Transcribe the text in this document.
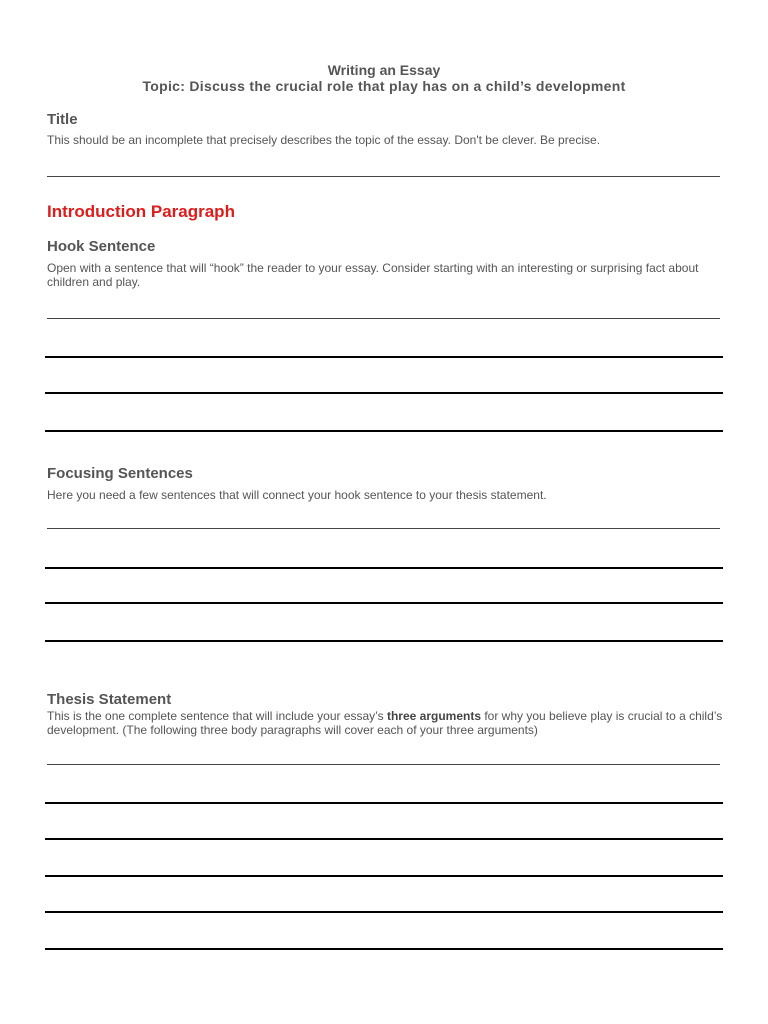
Writing an Essay
Topic: Discuss the crucial role that play has on a child’s development
Title
This should be an incomplete that precisely describes the topic of the essay. Don't be clever. Be precise.
Introduction Paragraph
Hook Sentence
Open with a sentence that will “hook” the reader to your essay. Consider starting with an interesting or surprising fact about children and play.
Focusing Sentences
Here you need a few sentences that will connect your hook sentence to your thesis statement.
Thesis Statement
This is the one complete sentence that will include your essay’s three arguments for why you believe play is crucial to a child’s development. (The following three body paragraphs will cover each of your three arguments)
